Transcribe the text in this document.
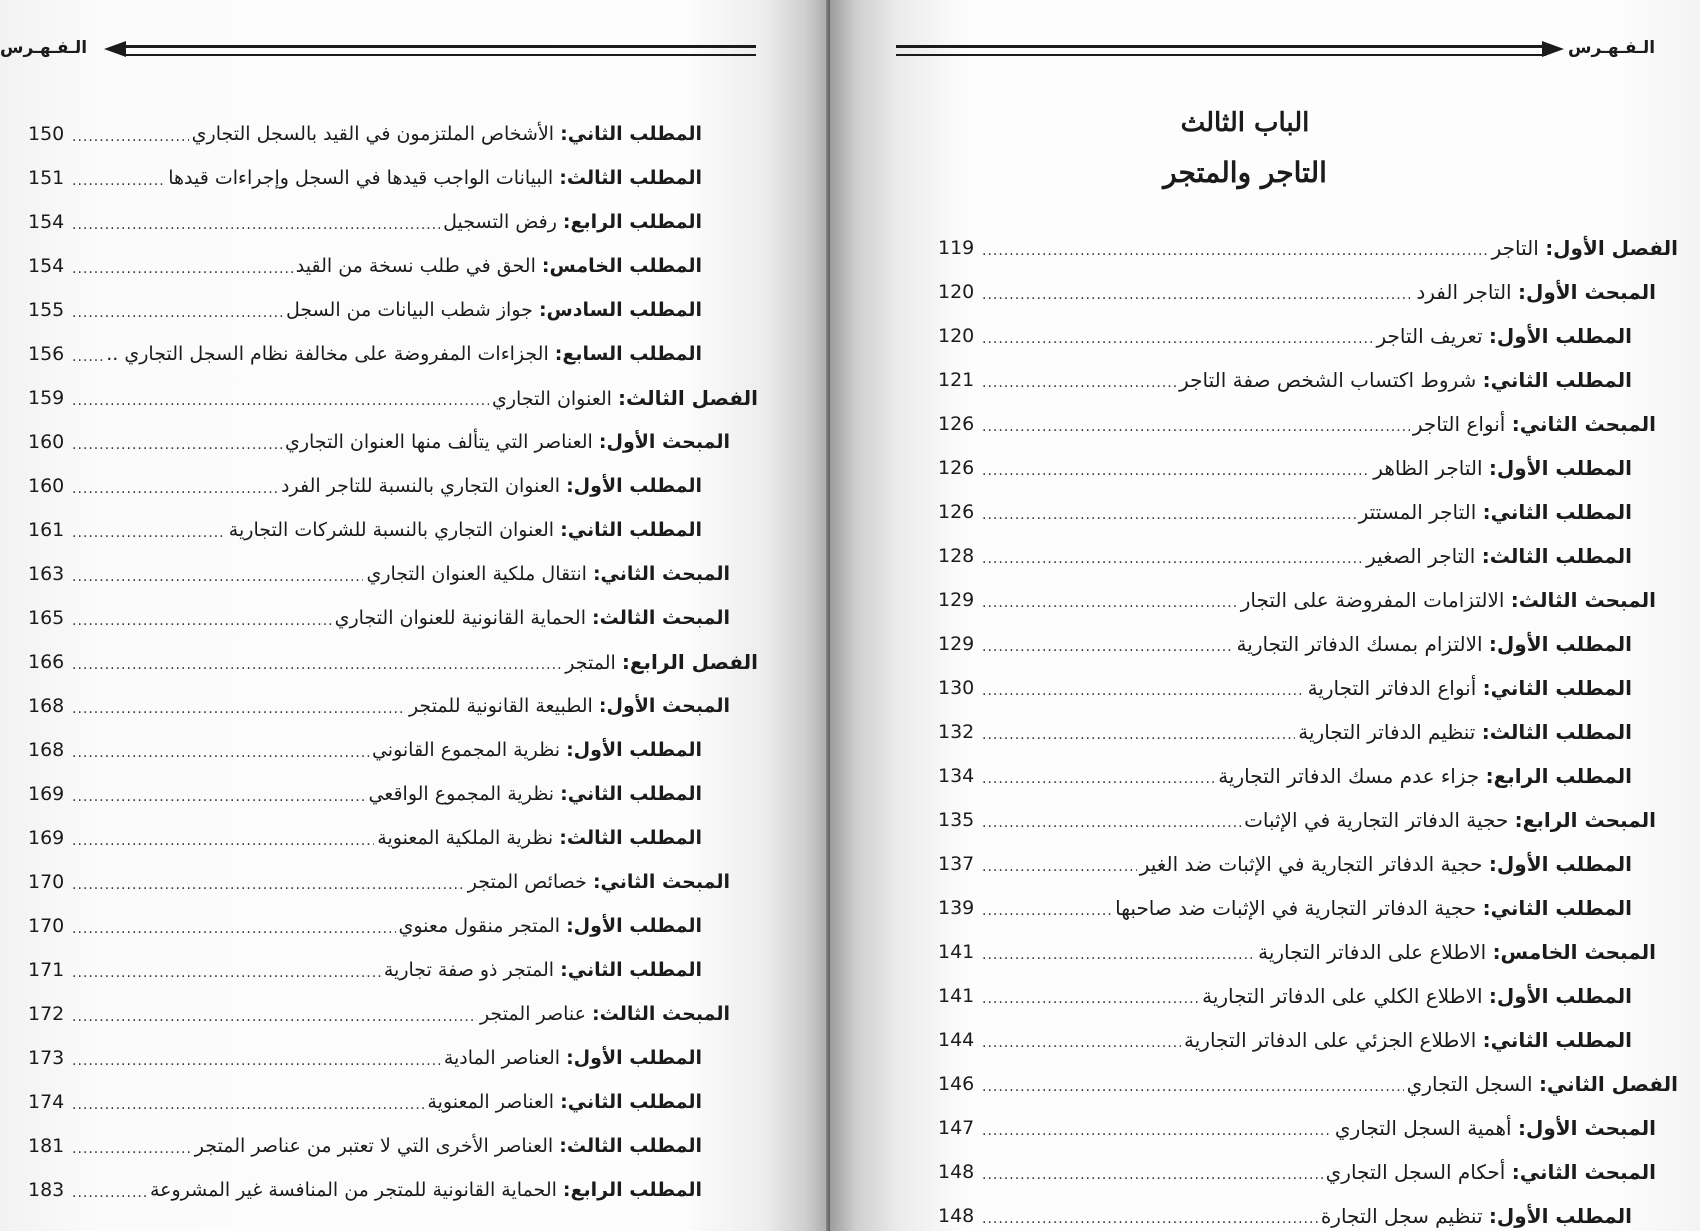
الـفـهـرس
المطلب الثاني: الأشخاص الملتزمون في القيد بالسجل التجاري
.....
150
المطلب الثالث: البيانات الواجب قيدها في السجل وإجراءات قيدها
.....
151
المطلب الرابع: رفض التسجيل
.....
154
المطلب الخامس: الحق في طلب نسخة من القيد
.....
154
المطلب السادس: جواز شطب البيانات من السجل
.....
155
المطلب السابع: الجزاءات المفروضة على مخالفة نظام السجل التجاري ..
.....
156
الفصل الثالث: العنوان التجاري
.....
159
المبحث الأول: العناصر التي يتألف منها العنوان التجاري
.....
160
المطلب الأول: العنوان التجاري بالنسبة للتاجر الفرد
.....
160
المطلب الثاني: العنوان التجاري بالنسبة للشركات التجارية
.....
161
المبحث الثاني: انتقال ملكية العنوان التجاري
.....
163
المبحث الثالث: الحماية القانونية للعنوان التجاري
.....
165
الفصل الرابع: المتجر
.....
166
المبحث الأول: الطبيعة القانونية للمتجر
.....
168
المطلب الأول: نظرية المجموع القانوني
.....
168
المطلب الثاني: نظرية المجموع الواقعي
.....
169
المطلب الثالث: نظرية الملكية المعنوية
.....
169
المبحث الثاني: خصائص المتجر
.....
170
المطلب الأول: المتجر منقول معنوي
.....
170
المطلب الثاني: المتجر ذو صفة تجارية
.....
171
المبحث الثالث: عناصر المتجر
.....
172
المطلب الأول: العناصر المادية
.....
173
المطلب الثاني: العناصر المعنوية
.....
174
المطلب الثالث: العناصر الأخرى التي لا تعتبر من عناصر المتجر
.....
181
المطلب الرابع: الحماية القانونية للمتجر من المنافسة غير المشروعة
.....
183
الـفـهـرس
الباب الثالث
التاجر والمتجر
الفصل الأول: التاجر
.....
119
المبحث الأول: التاجر الفرد
.....
120
المطلب الأول: تعريف التاجر
.....
120
المطلب الثاني: شروط اكتساب الشخص صفة التاجر
.....
121
المبحث الثاني: أنواع التاجر
.....
126
المطلب الأول: التاجر الظاهر
.....
126
المطلب الثاني: التاجر المستتر
.....
126
المطلب الثالث: التاجر الصغير
.....
128
المبحث الثالث: الالتزامات المفروضة على التجار
.....
129
المطلب الأول: الالتزام بمسك الدفاتر التجارية
.....
129
المطلب الثاني: أنواع الدفاتر التجارية
.....
130
المطلب الثالث: تنظيم الدفاتر التجارية
.....
132
المطلب الرابع: جزاء عدم مسك الدفاتر التجارية
.....
134
المبحث الرابع: حجية الدفاتر التجارية في الإثبات
.....
135
المطلب الأول: حجية الدفاتر التجارية في الإثبات ضد الغير
.....
137
المطلب الثاني: حجية الدفاتر التجارية في الإثبات ضد صاحبها
.....
139
المبحث الخامس: الاطلاع على الدفاتر التجارية
.....
141
المطلب الأول: الاطلاع الكلي على الدفاتر التجارية
.....
141
المطلب الثاني: الاطلاع الجزئي على الدفاتر التجارية
.....
144
الفصل الثاني: السجل التجاري
.....
146
المبحث الأول: أهمية السجل التجاري
.....
147
المبحث الثاني: أحكام السجل التجاري
.....
148
المطلب الأول: تنظيم سجل التجارة
.....
148
